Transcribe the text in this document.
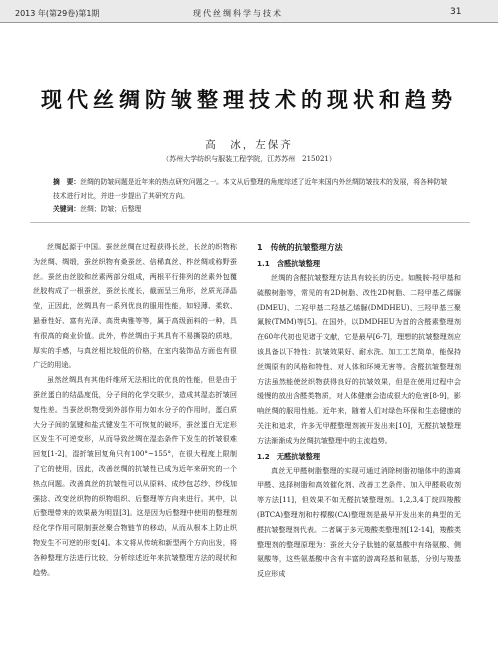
2013 年(第29卷)第1期	现代丝绸科学与技术	31
现代丝绸防皱整理技术的现状和趋势
高　冰，左保齐
（苏州大学纺织与服装工程学院，江苏苏州　215021）
摘　要：丝绸的防皱问题是近年来的热点研究问题之一。本文从后整理的角度综述了近年来国内外丝绸防皱技术的发展，将各种防皱技术进行对比，并进一步提出了其研究方向。
关键词：丝绸；防皱；后整理

丝绸起源于中国。蚕丝丝绸在过程获得长丝，长丝的织物称为丝绸、绸缎，蚕丝织物有桑蚕丝、倍稀真丝、柞丝绸或称野蚕丝。蚕丝由丝胶和丝素两部分组成，两根平行排列的丝素外包覆丝胶构成了一根蚕丝，蚕丝长度长，截面呈三角形，丝质光泽晶莹，正因此，丝绸具有一系列优良的服用性能，如轻薄、柔软、悬垂性好、富有光泽、高贵典雅等等，属于高级面料的一种，具有很高的商业价值。此外，柞丝绸由于其具有不易撕裂的质地，厚实的手感，与真丝相比较低的价格，在室内装饰品方面也有很广泛的用途。

虽然丝绸具有其他纤维所无法相比的优良的性能，但是由于蚕丝蛋白的结晶度低，分子间的化学交联少，造成其湿态折皱回复性差。当蚕丝织物受到外部作用力如水分子的作用时，蛋白质大分子间的氢键和盐式键发生不可恢复的破坏，蚕丝蛋白无定形区发生不可逆变形，从而导致丝绸在湿态条件下发生的折皱很难回复[1-2]，湿折皱回复角只有100°~155°，在很大程度上限制了它的使用，因此，改善丝绸的抗皱性已成为近年来研究的一个热点问题。改善真丝的抗皱性可以从原料、成纱包芯纱、纱线加强捻、改变丝织物的织物组织、后整理等方向来进行。其中，以后整理带来的效果最为明显[3]。这是因为后整理中使用的整理剂经化学作用可限制蚕丝聚合物链节的移动，从而从根本上防止织物发生不可逆的形变[4]。本文将从传统和新型两个方向出发，将各种整理方法进行比较，分析综述近年来抗皱整理方法的现状和趋势。

1　传统的抗皱整理方法
1.1　含醛抗皱整理

丝绸的含醛抗皱整理方法具有较长的历史。如酰胺-羟甲基和硫酸树脂等，常见的有2D树脂、改性2D树脂、二羟甲基乙烯脲(DMEU)、二羟甲基二羟基乙烯脲(DMDHEU)、三羟甲基三聚氰胺(TMM)等[5]。在国外，以DMDHEU为首的含醛素整理剂在60年代初也见诸于文献，它是最早[6-7]，理想的抗皱整理剂应该具备以下特性：抗皱效果好、耐水洗、加工工艺简单，能保持丝绸原有的风格和特性、对人体和环境无害等。含醛抗皱整理剂方法虽然能使丝织物获得良好的抗皱效果，但是在使用过程中会缓慢的放出含醛类物质，对人体健康会造成很大的危害[8-9]，影响丝绸的服用性能。近年来，随着人们对绿色环保和生态健康的关注和追求，许多无甲醛整理剂被开发出来[10]，无醛抗皱整理方法渐渐成为丝绸抗皱整理中的主流趋势。

1.2　无醛抗皱整理

真丝无甲醛树脂整理的实现可通过消除树脂初缩体中的游离甲醛、选择树脂和高效催化剂、改善工艺条件、加入甲醛吸收剂等方法[11]，但效果不如无醛抗皱整理剂。1,2,3,4丁烷四羧酸(BTCA)整理剂和柠檬酸(CA)整理剂是最早开发出来的典型的无醛抗皱整理剂代表。二者属于多元羧酸类整理剂[12-14]，羧酸类整理剂的整理原理为：蚕丝大分子肽链的氨基酸中有络氨酸、侧氨酸等，这些氨基酸中含有丰富的游离羟基和氨基，分别与羧基反应形成
